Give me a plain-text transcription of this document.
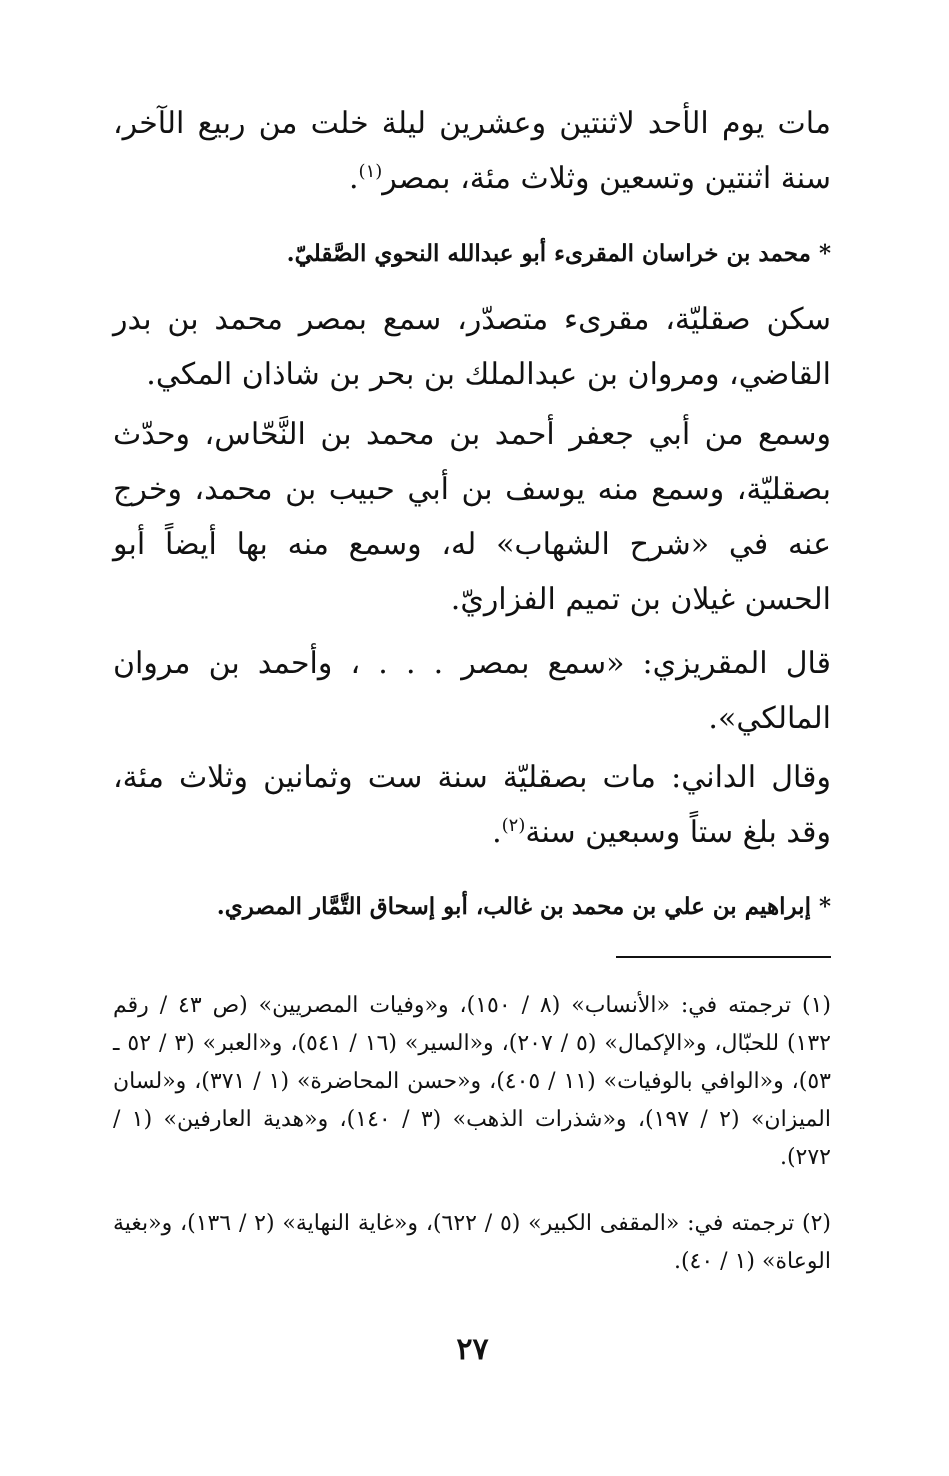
مات يوم الأحد لاثنتين وعشرين ليلة خلت من ربيع الآخر، سنة اثنتين وتسعين وثلاث مئة، بمصر$^{(١)}$.

* محمد بن خراسان المقرىء أبو عبدالله النحوي الصَّقليّ.

سكن صقليّة، مقرىء متصدّر، سمع بمصر محمد بن بدر القاضي، ومروان بن عبدالملك بن بحر بن شاذان المكي.

وسمع من أبي جعفر أحمد بن محمد بن النَّحّاس، وحدّث بصقليّة، وسمع منه يوسف بن أبي حبيب بن محمد، وخرج عنه في «شرح الشهاب» له، وسمع منه بها أيضاً أبو الحسن غيلان بن تميم الفزاريّ.

قال المقريزي: «سمع بمصر . . . ، وأحمد بن مروان المالكي».

وقال الداني: مات بصقليّة سنة ست وثمانين وثلاث مئة، وقد بلغ ستاً وسبعين سنة$^{(٢)}$.

* إبراهيم بن علي بن محمد بن غالب، أبو إسحاق التَّمَّار المصري.

(١) ترجمته في: «الأنساب» (٨ / ١٥٠)، و«وفيات المصريين» (ص ٤٣ / رقم ١٣٢) للحبّال، و«الإكمال» (٥ / ٢٠٧)، و«السير» (١٦ / ٥٤١)، و«العبر» (٣ / ٥٢ ـ ٥٣)، و«الوافي بالوفيات» (١١ / ٤٠٥)، و«حسن المحاضرة» (١ / ٣٧١)، و«لسان الميزان» (٢ / ١٩٧)، و«شذرات الذهب» (٣ / ١٤٠)، و«هدية العارفين» (١ / ٢٧٢).

(٢) ترجمته في: «المقفى الكبير» (٥ / ٦٢٢)، و«غاية النهاية» (٢ / ١٣٦)، و«بغية الوعاة» (١ / ٤٠).

٢٧
